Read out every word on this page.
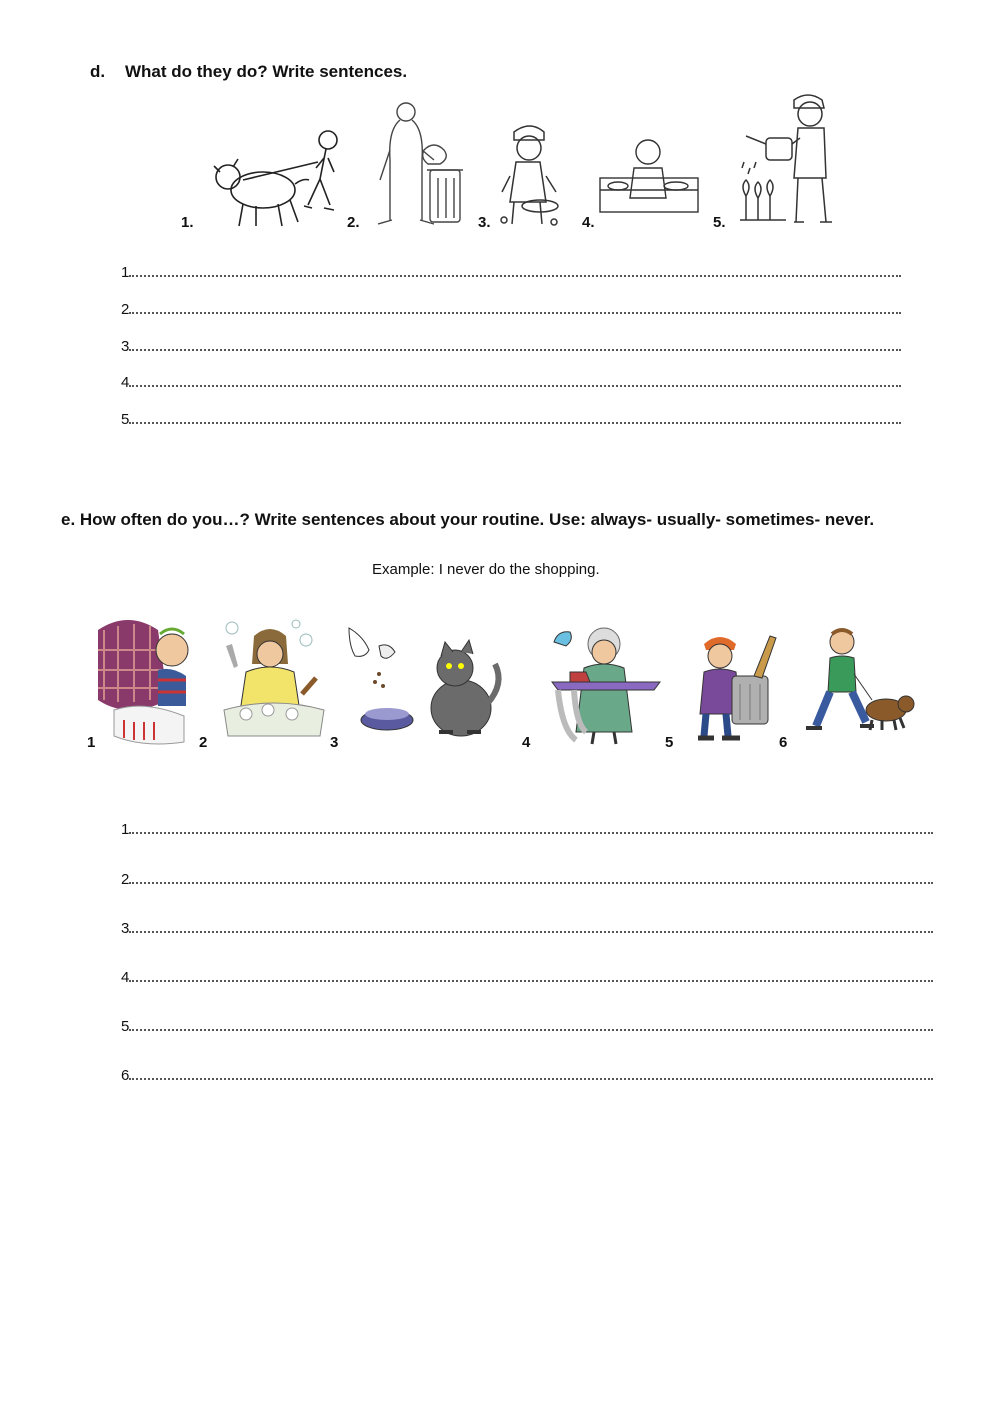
d. What do they do? Write sentences.
1.	2.	3.	4.	5.
1
2
3
4
5
e. How often do you…? Write sentences about your routine. Use: always- usually- sometimes- never.
Example: I never do the shopping.
1	2	3	4	5	6
1
2
3
4
5
6
